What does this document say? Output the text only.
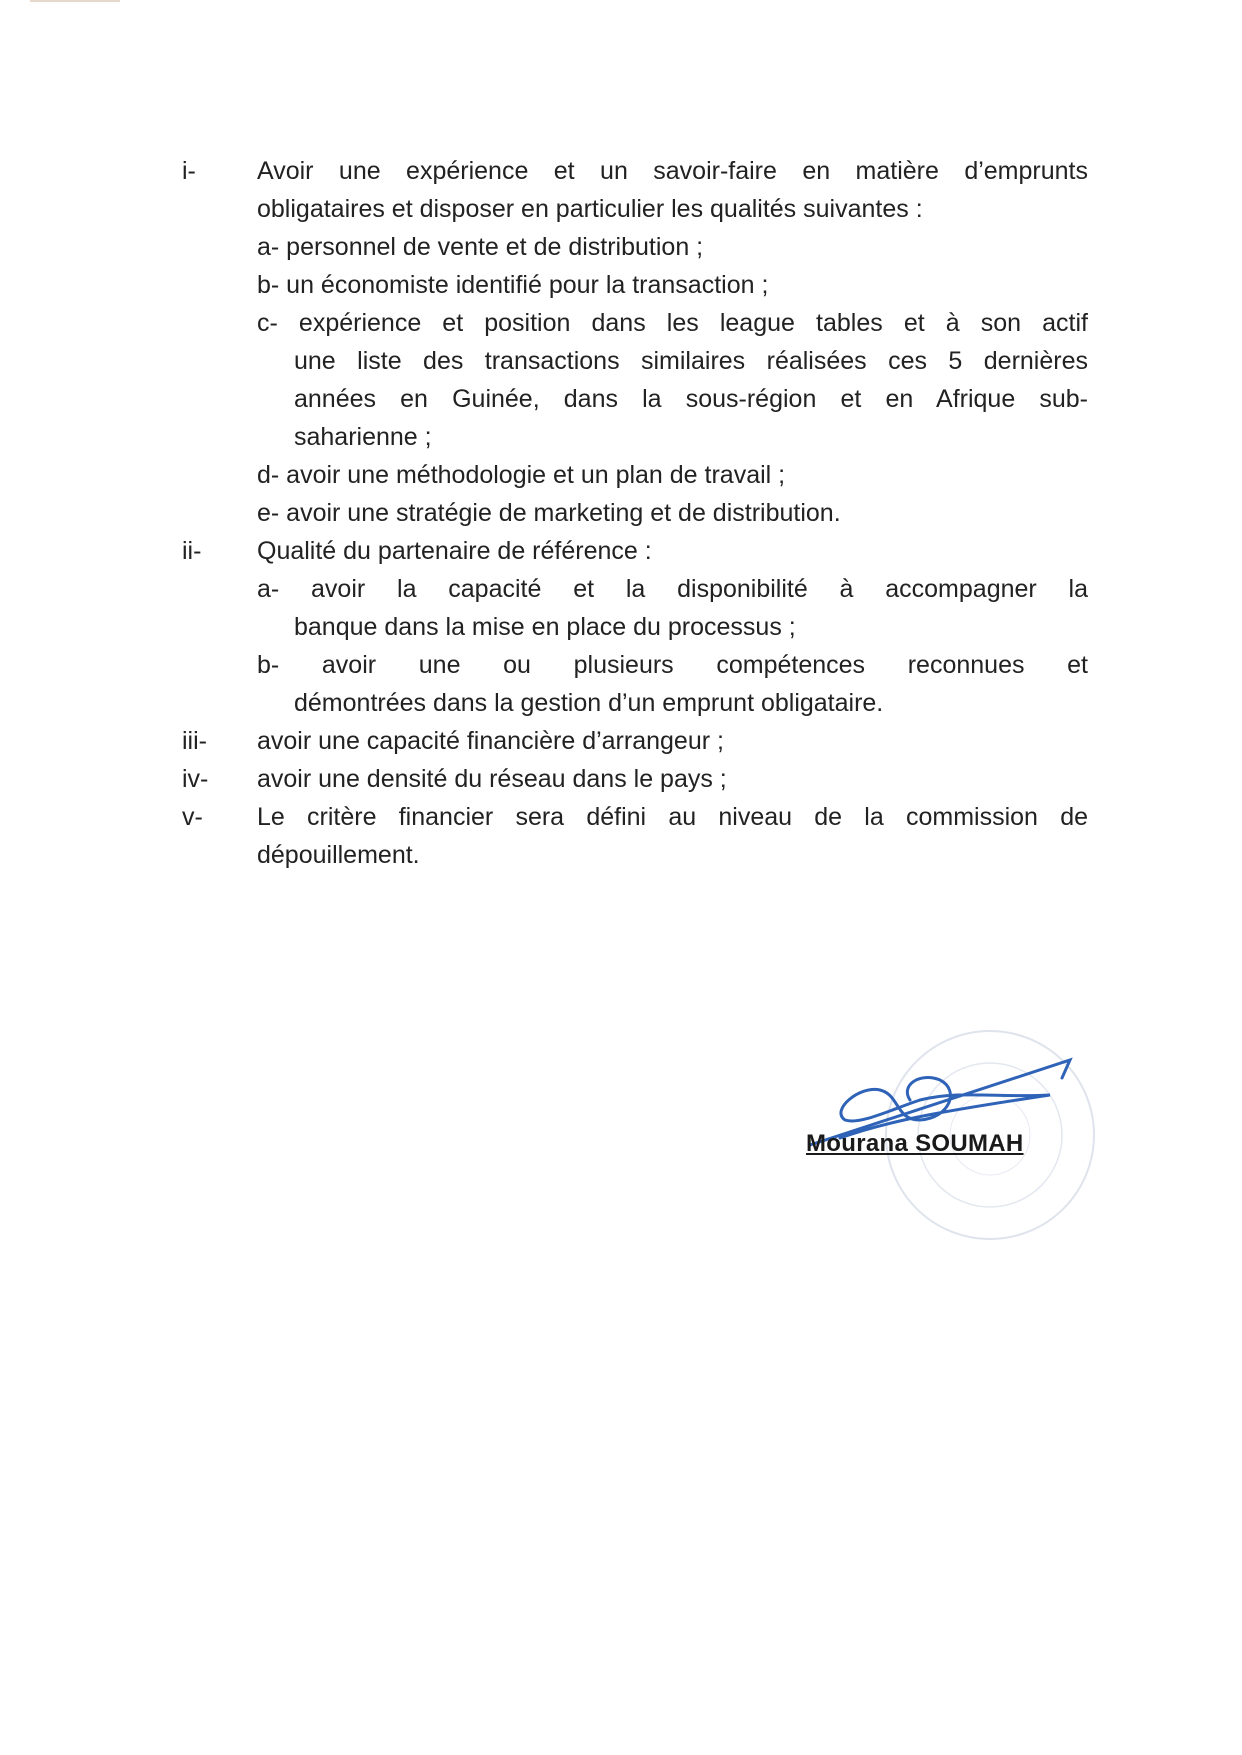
i- Avoir une expérience et un savoir-faire en matière d’emprunts
obligataires et disposer en particulier les qualités suivantes :
a- personnel de vente et de distribution ;
b- un économiste identifié pour la transaction ;
c- expérience et position dans les league tables et à son actif
une liste des transactions similaires réalisées ces 5 dernières
années en Guinée, dans la sous-région et en Afrique sub-
saharienne ;
d- avoir une méthodologie et un plan de travail ;
e- avoir une stratégie de marketing et de distribution.
ii- Qualité du partenaire de référence :
a- avoir la capacité et la disponibilité à accompagner la
banque dans la mise en place du processus ;
b- avoir une ou plusieurs compétences reconnues et
démontrées dans la gestion d’un emprunt obligataire.
iii- avoir une capacité financière d’arrangeur ;
iv- avoir une densité du réseau dans le pays ;
v- Le critère financier sera défini au niveau de la commission de
dépouillement.
Mourana SOUMAH
